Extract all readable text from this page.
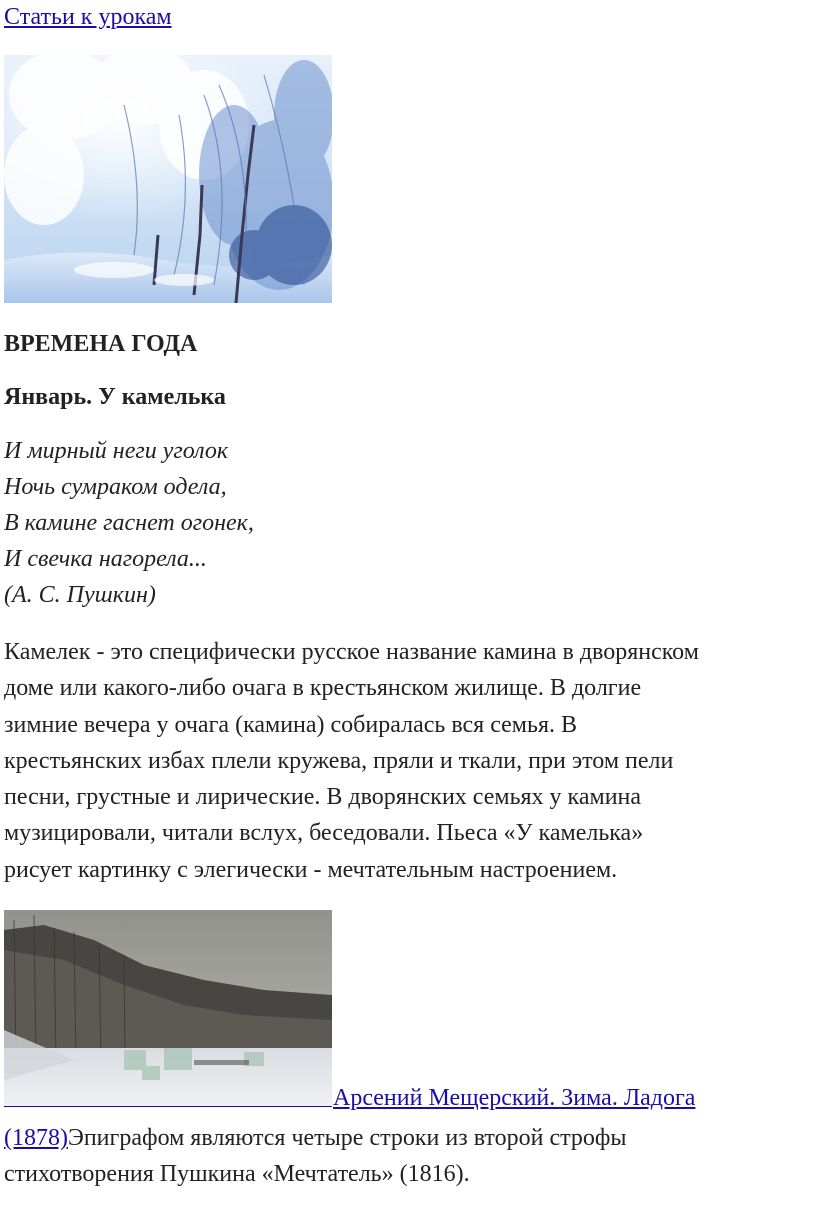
Статьи к урокам
ВРЕМЕНА ГОДА
Январь. У камелька
И мирный неги уголок
Ночь сумраком одела,
В камине гаснет огонек,
И свечка нагорела...
(А. С. Пушкин)
Камелек - это специфически русское название камина в дворянском
доме или какого-либо очага в крестьянском жилище. В долгие
зимние вечера у очага (камина) собиралась вся семья. В
крестьянских избах плели кружева, пряли и ткали, при этом пели
песни, грустные и лирические. В дворянских семьях у камина
музицировали, читали вслух, беседовали. Пьеса «У камелька»
рисует картинку с элегически - мечтательным настроением.
Арсений Мещерский. Зима. Ладога
(1878)Эпиграфом являются четыре строки из второй строфы
стихотворения Пушкина «Мечтатель» (1816).
